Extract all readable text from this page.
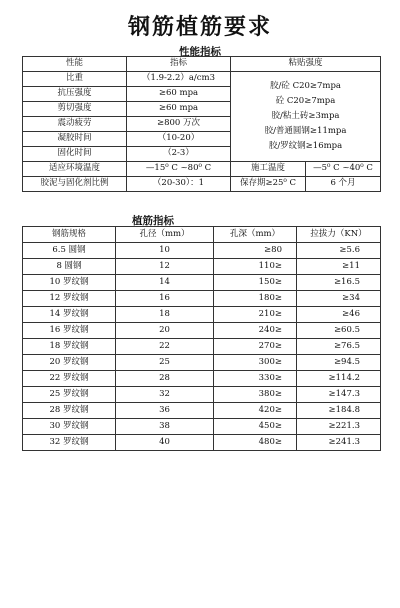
钢筋植筋要求
性能指标
性能	指标	粘贴强度	
比重	（1.9-2.2）a/cm3	胶/砼 C20≥7mpa
砼 C20≥7mpa
胶/粘土砖≥3mpa
胶/普通圆钢≥11mpa
胶/罗纹钢≥16mpa	

抗压强度	≥60 mpa		
剪切强度	≥60 mpa		
震动疲劳	≥800 万次		
凝胶时间	（10-20）		
固化时间	（2-3）		
适应环境温度	—15⁰ C ~80⁰ C	施工温度	—5⁰ C ~40⁰ C
胶泥与固化剂比例	（20-30）：1	保存期≥25⁰ C	6 个月
植筋指标
钢筋规格	孔径（mm）	孔深（mm）	拉拔力（KN）
6.5 圆钢	10	≥80	≥5.6
8 圆钢	12	110≥	≥11
10 罗纹钢	14	150≥	≥16.5
12 罗纹钢	16	180≥	≥34
14 罗纹钢	18	210≥	≥46
16 罗纹钢	20	240≥	≥60.5
18 罗纹钢	22	270≥	≥76.5
20 罗纹钢	25	300≥	≥94.5
22 罗纹钢	28	330≥	≥114.2
25 罗纹钢	32	380≥	≥147.3
28 罗纹钢	36	420≥	≥184.8
30 罗纹钢	38	450≥	≥221.3
32 罗纹钢	40	480≥	≥241.3
